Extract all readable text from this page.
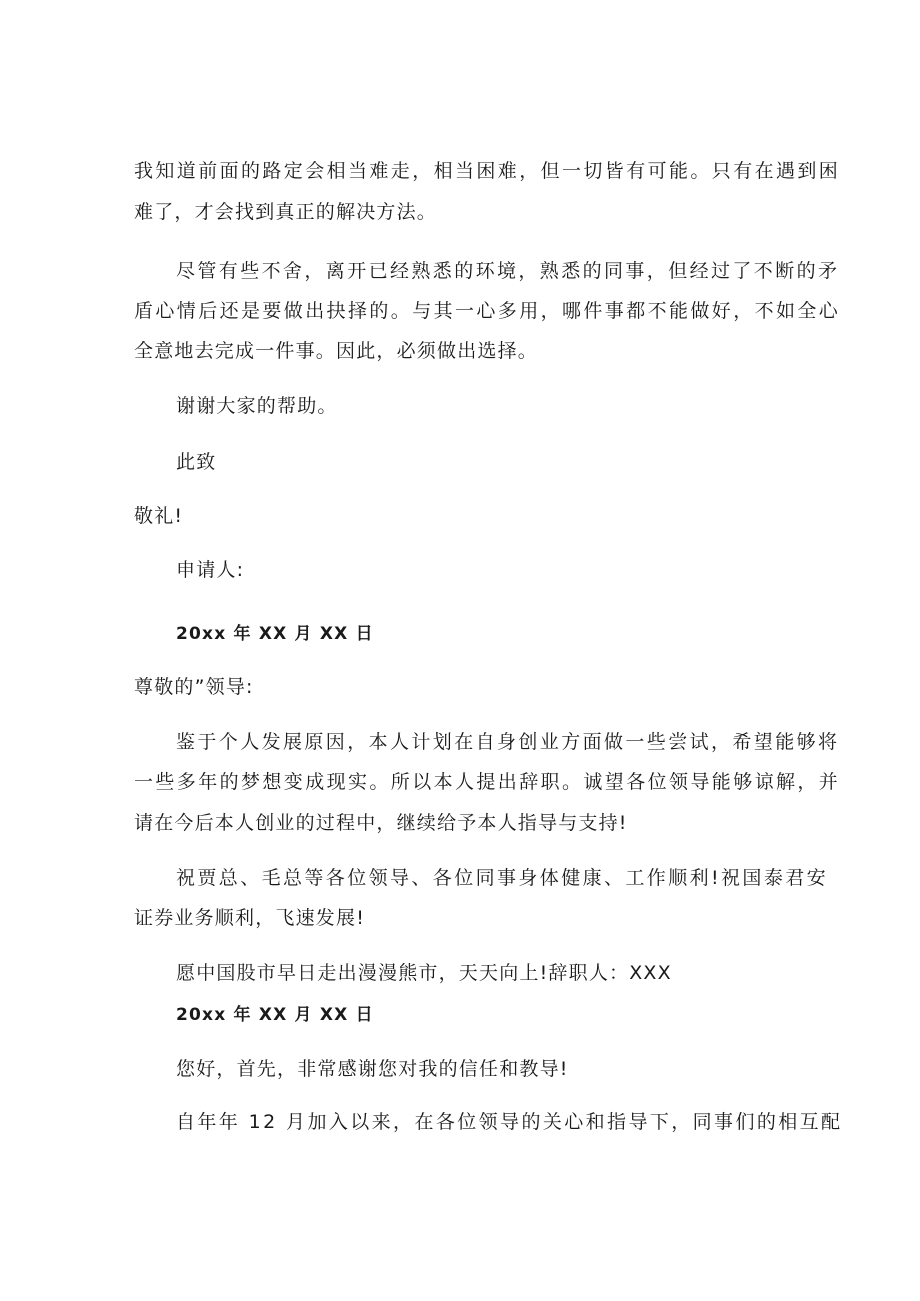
我知道前面的路定会相当难走，相当困难，但一切皆有可能。只有在遇到困
难了，才会找到真正的解决方法。
尽管有些不舍，离开已经熟悉的环境，熟悉的同事，但经过了不断的矛
盾心情后还是要做出抉择的。与其一心多用，哪件事都不能做好，不如全心
全意地去完成一件事。因此，必须做出选择。
谢谢大家的帮助。
此致
敬礼!
申请人:
20xx 年 XX 月 XX 日
尊敬的”领导:
鉴于个人发展原因，本人计划在自身创业方面做一些尝试，希望能够将
一些多年的梦想变成现实。所以本人提出辞职。诚望各位领导能够谅解，并
请在今后本人创业的过程中，继续给予本人指导与支持!
祝贾总、毛总等各位领导、各位同事身体健康、工作顺利!祝国泰君安
证券业务顺利，飞速发展!
愿中国股市早日走出漫漫熊市，天天向上!辞职人：XXX
20xx 年 XX 月 XX 日
您好，首先，非常感谢您对我的信任和教导!
自年年 12 月加入以来，在各位领导的关心和指导下，同事们的相互配
